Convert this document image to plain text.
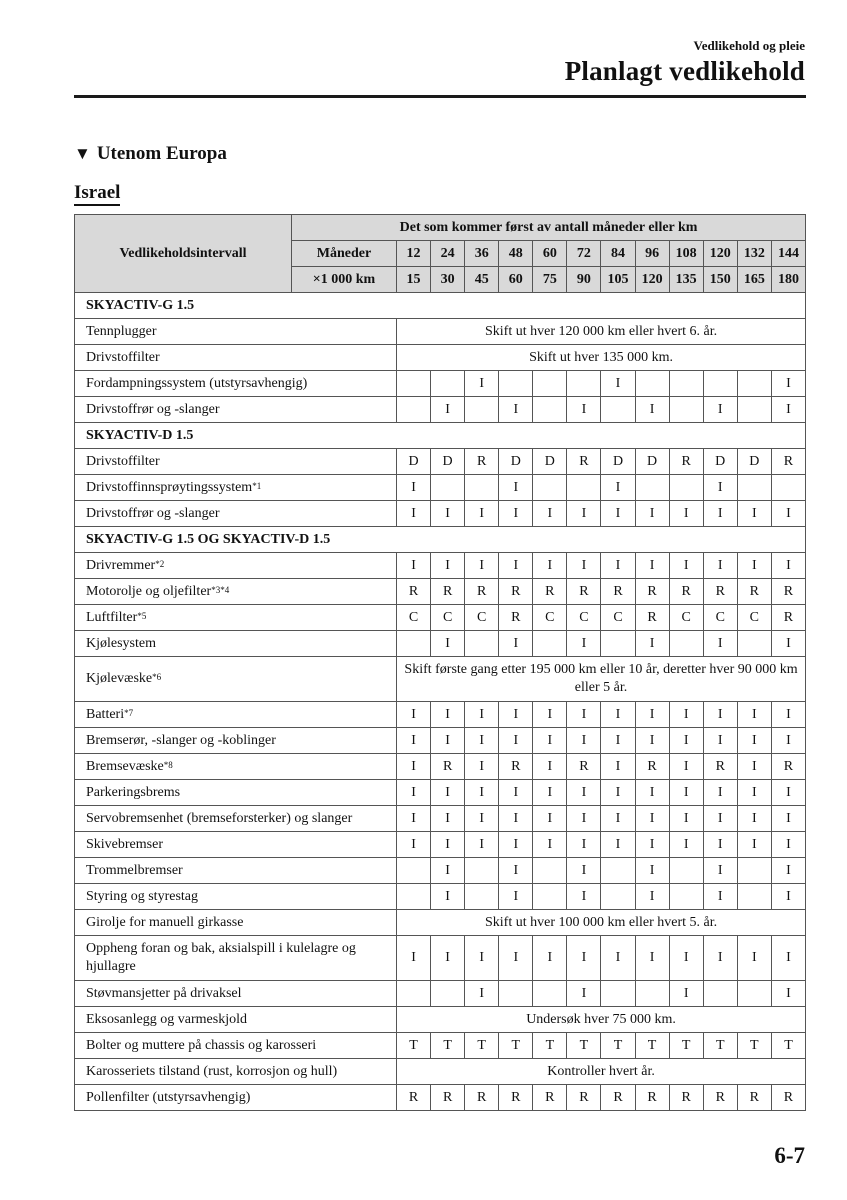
Vedlikehold og pleie
Planlagt vedlikehold
▼ Utenom Europa
Israel
Vedlikeholdsintervall	Det som kommer først av antall måneder eller km												
	Måneder	12	24	36	48	60	72	84	96	108	120	132	144
	×1 000 km	15	30	45	60	75	90	105	120	135	150	165	180
SKYACTIV-G 1.5													
Tennplugger		Skift ut hver 120 000 km eller hvert 6. år.											
Drivstoffilter		Skift ut hver 135 000 km.											
Fordampningssystem (utstyrsavhengig)				I				I					I
Drivstoffrør og -slanger			I		I		I		I		I		I
SKYACTIV-D 1.5													
Drivstoffilter		D	D	R	D	D	R	D	D	R	D	D	R
Drivstoffinnsprøytingssystem$^{*1}$		I			I			I			I		
Drivstoffrør og -slanger		I	I	I	I	I	I	I	I	I	I	I	I
SKYACTIV-G 1.5 OG SKYACTIV-D 1.5													
Drivremmer$^{*2}$		I	I	I	I	I	I	I	I	I	I	I	I
Motorolje og oljefilter$^{*3*4}$		R	R	R	R	R	R	R	R	R	R	R	R
Luftfilter$^{*5}$		C	C	C	R	C	C	C	R	C	C	C	R
Kjølesystem			I		I		I		I		I		I
Kjølevæske$^{*6}$		Skift første gang etter 195 000 km eller 10 år, deretter hver 90 000 km eller 5 år.											
Batteri$^{*7}$		I	I	I	I	I	I	I	I	I	I	I	I
Bremserør, -slanger og -koblinger		I	I	I	I	I	I	I	I	I	I	I	I
Bremsevæske$^{*8}$		I	R	I	R	I	R	I	R	I	R	I	R
Parkeringsbrems		I	I	I	I	I	I	I	I	I	I	I	I
Servobremsenhet (bremseforsterker) og slanger		I	I	I	I	I	I	I	I	I	I	I	I
Skivebremser		I	I	I	I	I	I	I	I	I	I	I	I
Trommelbremser			I		I		I		I		I		I
Styring og styrestag			I		I		I		I		I		I
Girolje for manuell girkasse		Skift ut hver 100 000 km eller hvert 5. år.											
Oppheng foran og bak, aksialspill i kulelagre og hjullagre		I	I	I	I	I	I	I	I	I	I	I	I
Støvmansjetter på drivaksel				I			I			I			I
Eksosanlegg og varmeskjold		Undersøk hver 75 000 km.											
Bolter og muttere på chassis og karosseri		T	T	T	T	T	T	T	T	T	T	T	T
Karosseriets tilstand (rust, korrosjon og hull)		Kontroller hvert år.											
Pollenfilter (utstyrsavhengig)		R	R	R	R	R	R	R	R	R	R	R	R
6-7
